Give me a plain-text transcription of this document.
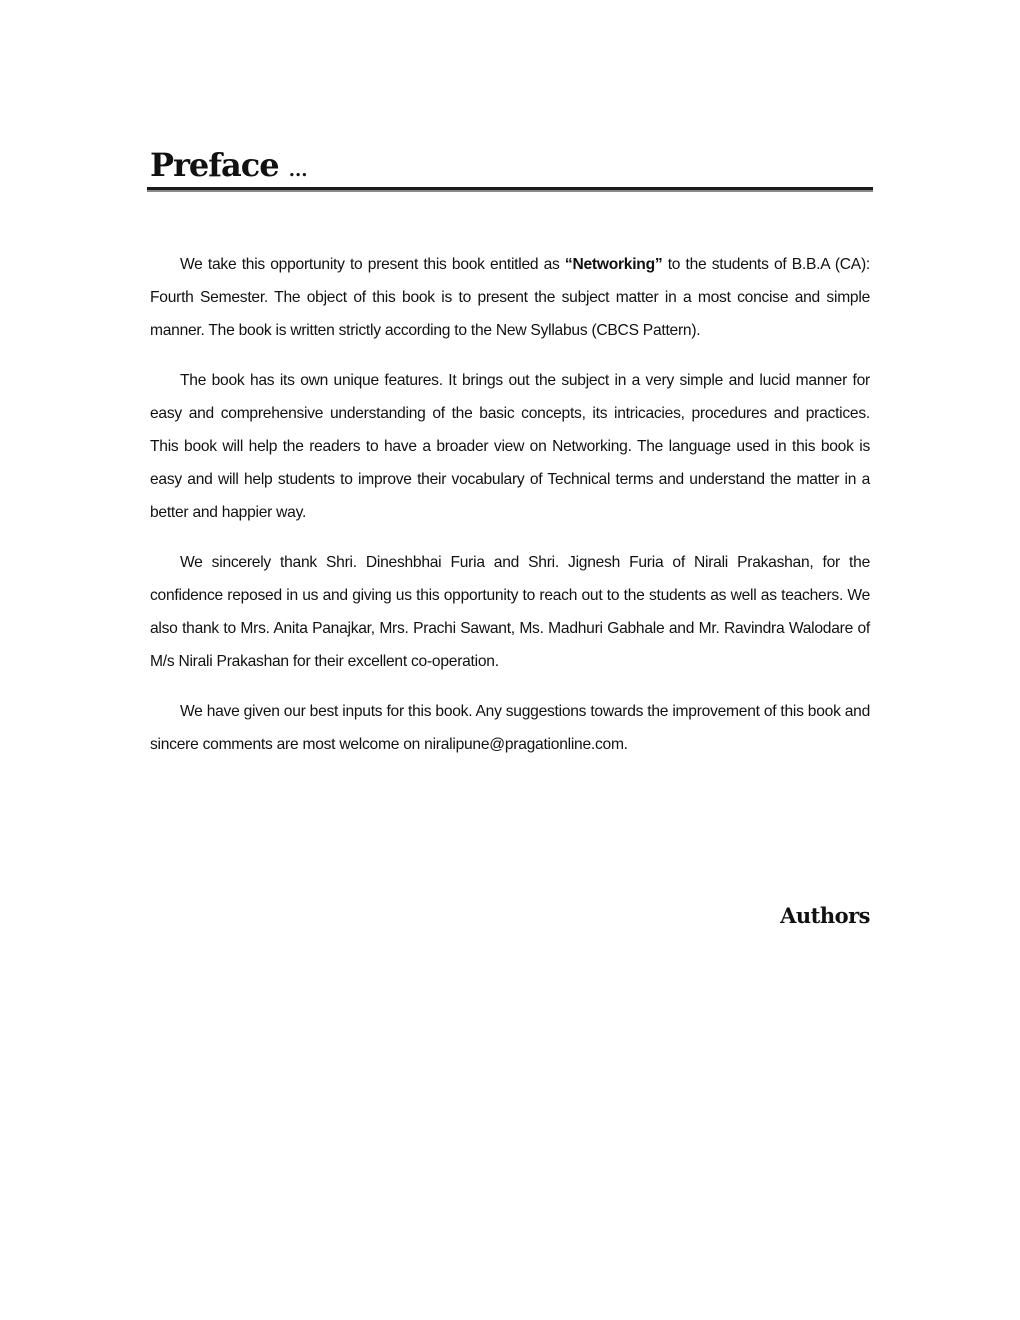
Preface ...

We take this opportunity to present this book entitled as “Networking” to the students of B.B.A (CA): Fourth Semester. The object of this book is to present the subject matter in a most concise and simple manner. The book is written strictly according to the New Syllabus (CBCS Pattern).

The book has its own unique features. It brings out the subject in a very simple and lucid manner for easy and comprehensive understanding of the basic concepts, its intricacies, procedures and practices. This book will help the readers to have a broader view on Networking. The language used in this book is easy and will help students to improve their vocabulary of Technical terms and understand the matter in a better and happier way.

We sincerely thank Shri. Dineshbhai Furia and Shri. Jignesh Furia of Nirali Prakashan, for the confidence reposed in us and giving us this opportunity to reach out to the students as well as teachers. We also thank to Mrs. Anita Panajkar, Mrs. Prachi Sawant, Ms. Madhuri Gabhale and Mr. Ravindra Walodare of M/s Nirali Prakashan for their excellent co-operation.

We have given our best inputs for this book. Any suggestions towards the improvement of this book and sincere comments are most welcome on niralipune@pragationline.com.

Authors
